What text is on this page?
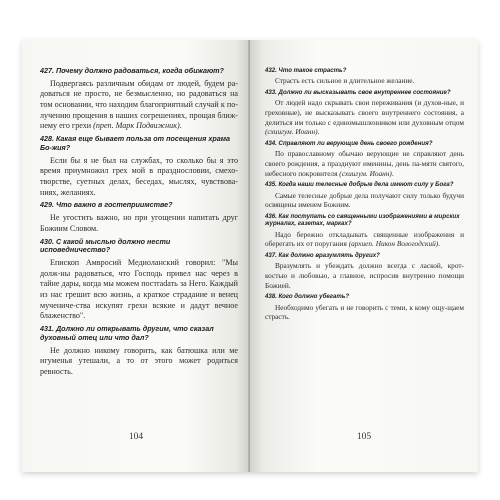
427. Почему должно радоваться, когда обижают?

Подвергаясь различным обидам от людей, будем ра-доваться не просто, не безмысленно, но радоваться на том основании, что находим благоприятный случай к по-лучению прощения в наших согрешениях, прощая ближ-нему его грехи (преп. Марк Подвижник).

428. Какая еще бывает польза от посещения храма Бо-жия?

Если бы я не был на службах, то сколько бы я это время приумножил грех мой в празднословии, смехо-творстве, суетных делах, беседах, мыслях, чувствова-ниях, желаниях.

429. Что важно в гостеприимстве?

Не угостить важно, но при угощении напитать друг Божиим Словом.

430. С какой мыслью должно нести исповедничество?

Епископ Амвросий Медиоланский говорил: "Мы долж-ны радоваться, что Господь привел нас через в тайне дары, когда мы можем постradать за Него. Каждый из нас грешит всю жизнь, а краткое страдание и венец мучениче-ства искупят грехи всякие и дадут вечное блаженство".

431. Должно ли открывать другим, что сказал духовный отец или что дал?

Не должно никому говорить, как батюшка или ме игуменья утешали, а то от этого может родиться ревность.

104

432. Что такое страсть?

Страсть есть сильное и длительное желание.

433. Должно ли высказывать свое внутреннее состояние?

От людей надо скрывать свои переживания (и духов-ные, и греховные), не высказывать своего внутреннего состояния, а делиться им только с единомышленником или духовным отцом (схиигум. Иоанн).

434. Справляют ли верующие день своего рождения?

По православному обычаю верующие не справляют день своего рождения, а празднуют именины, день па-мяти святого, небесного покровителя (схиигум. Иоанн).

435. Когда наши телесные добрые дела имеют силу у Бога?

Самые телесные добрые дела получают силу только будучи освящены именем Божиим.

436. Как поступать со священными изображениями в мирских журналах, газетах, марках?

Надо бережно откладывать священные изображения и оберегать их от поругания (архиеп. Никон Вологодский).

437. Как должно вразумлять других?

Вразумлять и убеждать должно всегда с лаской, крот-костью и любовью, а главное, испросив внутренно помощи Божией.

438. Кого должно убегать?

Необходимо убегать и не говорить с теми, к кому ощу-щаем страсть.

105
